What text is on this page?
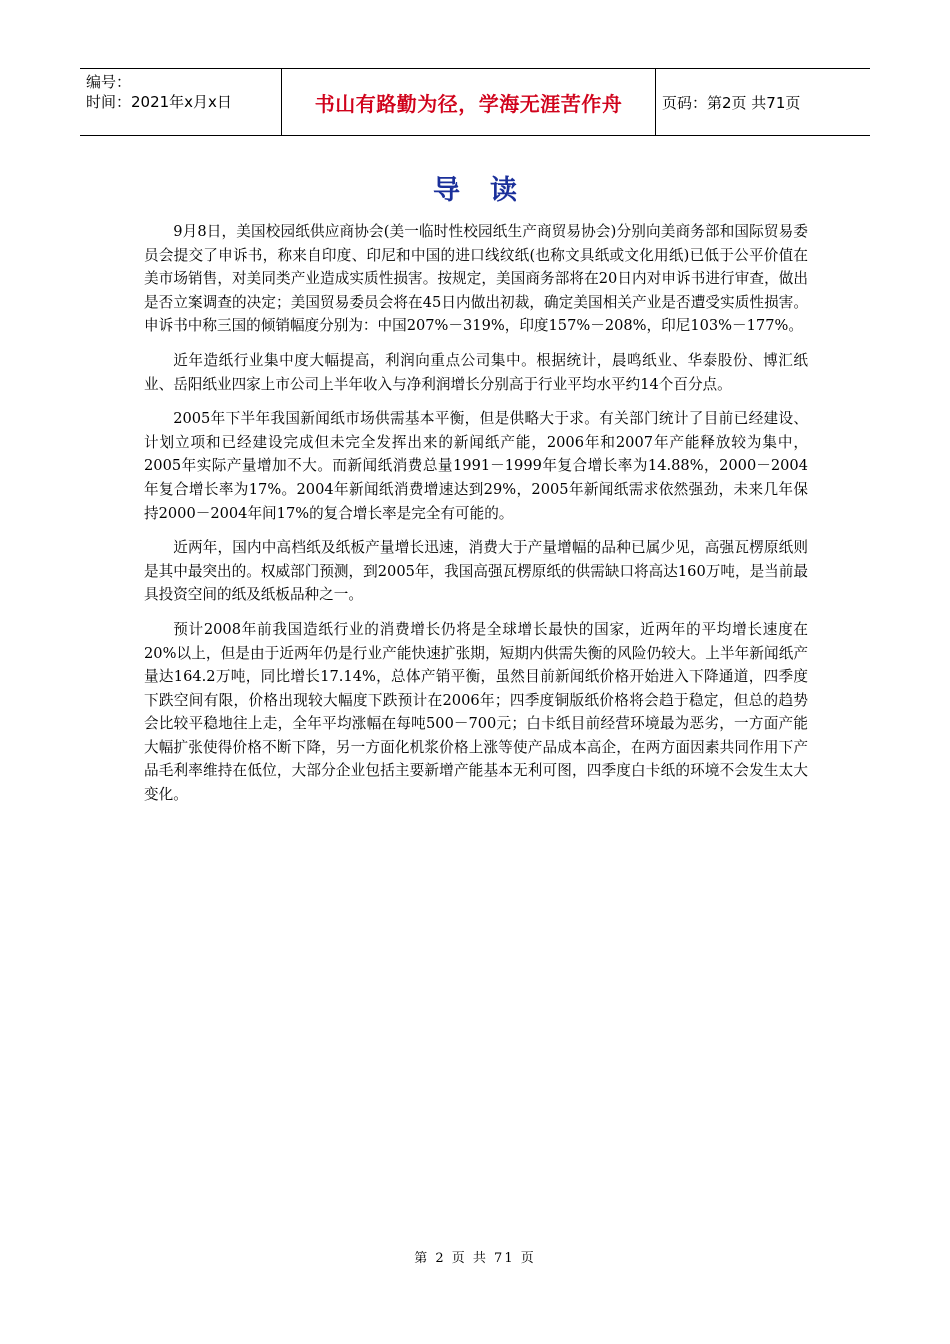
编号：
时间：2021年x月x日	书山有路勤为径，学海无涯苦作舟	页码：第2页 共71页
导读

9月8日，美国校园纸供应商协会(美一临时性校园纸生产商贸易协会)分别向美商务部和国际贸易委员会提交了申诉书，称来自印度、印尼和中国的进口线纹纸(也称文具纸或文化用纸)已低于公平价值在美市场销售，对美同类产业造成实质性损害。按规定，美国商务部将在20日内对申诉书进行审查，做出是否立案调查的决定；美国贸易委员会将在45日内做出初裁，确定美国相关产业是否遭受实质性损害。申诉书中称三国的倾销幅度分别为：中国207%－319%，印度157%－208%，印尼103%－177%。

近年造纸行业集中度大幅提高，利润向重点公司集中。根据统计，晨鸣纸业、华泰股份、博汇纸业、岳阳纸业四家上市公司上半年收入与净利润增长分别高于行业平均水平约14个百分点。

2005年下半年我国新闻纸市场供需基本平衡，但是供略大于求。有关部门统计了目前已经建设、计划立项和已经建设完成但未完全发挥出来的新闻纸产能，2006年和2007年产能释放较为集中，2005年实际产量增加不大。而新闻纸消费总量1991－1999年复合增长率为14.88%，2000－2004年复合增长率为17%。2004年新闻纸消费增速达到29%，2005年新闻纸需求依然强劲，未来几年保持2000－2004年间17%的复合增长率是完全有可能的。

近两年，国内中高档纸及纸板产量增长迅速，消费大于产量增幅的品种已属少见，高强瓦楞原纸则是其中最突出的。权威部门预测，到2005年，我国高强瓦楞原纸的供需缺口将高达160万吨，是当前最具投资空间的纸及纸板品种之一。

预计2008年前我国造纸行业的消费增长仍将是全球增长最快的国家，近两年的平均增长速度在20%以上，但是由于近两年仍是行业产能快速扩张期，短期内供需失衡的风险仍较大。上半年新闻纸产量达164.2万吨，同比增长17.14%，总体产销平衡，虽然目前新闻纸价格开始进入下降通道，四季度下跌空间有限，价格出现较大幅度下跌预计在2006年；四季度铜版纸价格将会趋于稳定，但总的趋势会比较平稳地往上走，全年平均涨幅在每吨500－700元；白卡纸目前经营环境最为恶劣，一方面产能大幅扩张使得价格不断下降，另一方面化机浆价格上涨等使产品成本高企，在两方面因素共同作用下产品毛利率维持在低位，大部分企业包括主要新增产能基本无利可图，四季度白卡纸的环境不会发生太大变化。

第 2 页 共 71 页
